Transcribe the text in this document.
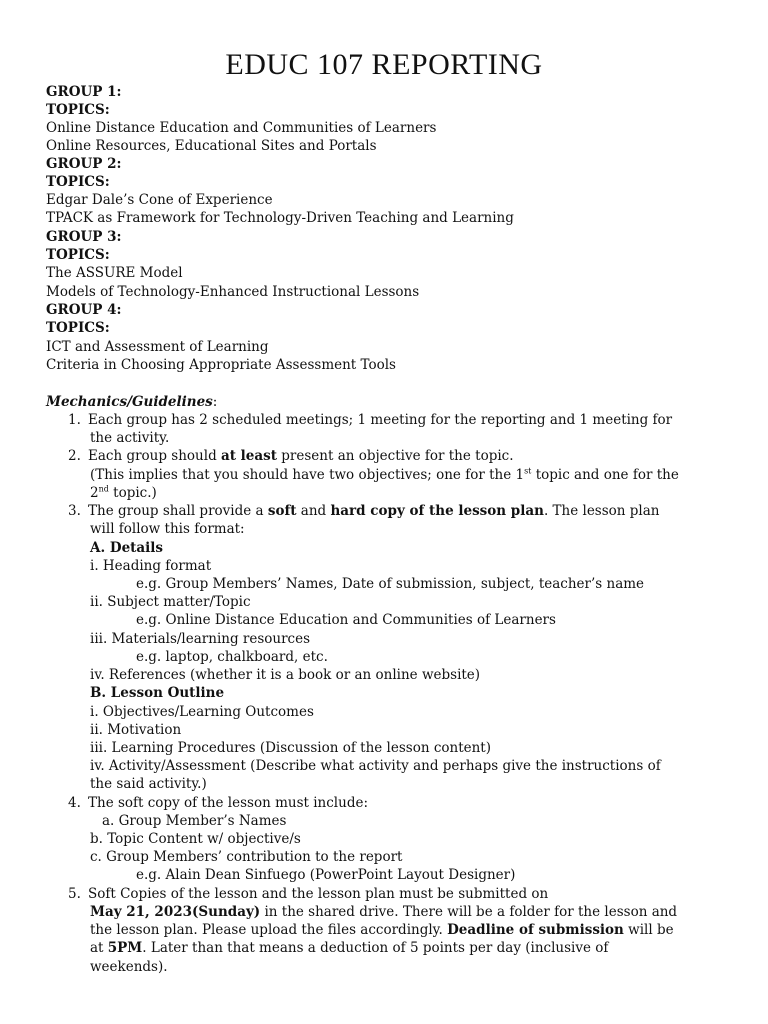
EDUC 107 REPORTING
GROUP 1:
TOPICS:
Online Distance Education and Communities of Learners
Online Resources, Educational Sites and Portals
GROUP 2:
TOPICS:
Edgar Dale’s Cone of Experience
TPACK as Framework for Technology-Driven Teaching and Learning
GROUP 3:
TOPICS:
The ASSURE Model
Models of Technology-Enhanced Instructional Lessons
GROUP 4:
TOPICS:
ICT and Assessment of Learning
Criteria in Choosing Appropriate Assessment Tools
Mechanics/Guidelines:
1. Each group has 2 scheduled meetings; 1 meeting for the reporting and 1 meeting for
the activity.
2. Each group should at least present an objective for the topic.
(This implies that you should have two objectives; one for the 1st topic and one for the
2nd topic.)
3. The group shall provide a soft and hard copy of the lesson plan. The lesson plan
will follow this format:
A. Details
i. Heading format
e.g. Group Members’ Names, Date of submission, subject, teacher’s name
ii. Subject matter/Topic
e.g. Online Distance Education and Communities of Learners
iii. Materials/learning resources
e.g. laptop, chalkboard, etc.
iv. References (whether it is a book or an online website)
B. Lesson Outline
i. Objectives/Learning Outcomes
ii. Motivation
iii. Learning Procedures (Discussion of the lesson content)
iv. Activity/Assessment (Describe what activity and perhaps give the instructions of
the said activity.)
4. The soft copy of the lesson must include:
a. Group Member’s Names
b. Topic Content w/ objective/s
c. Group Members’ contribution to the report
e.g. Alain Dean Sinfuego (PowerPoint Layout Designer)
5. Soft Copies of the lesson and the lesson plan must be submitted on
May 21, 2023(Sunday) in the shared drive. There will be a folder for the lesson and
the lesson plan. Please upload the files accordingly. Deadline of submission will be
at 5PM. Later than that means a deduction of 5 points per day (inclusive of
weekends).
